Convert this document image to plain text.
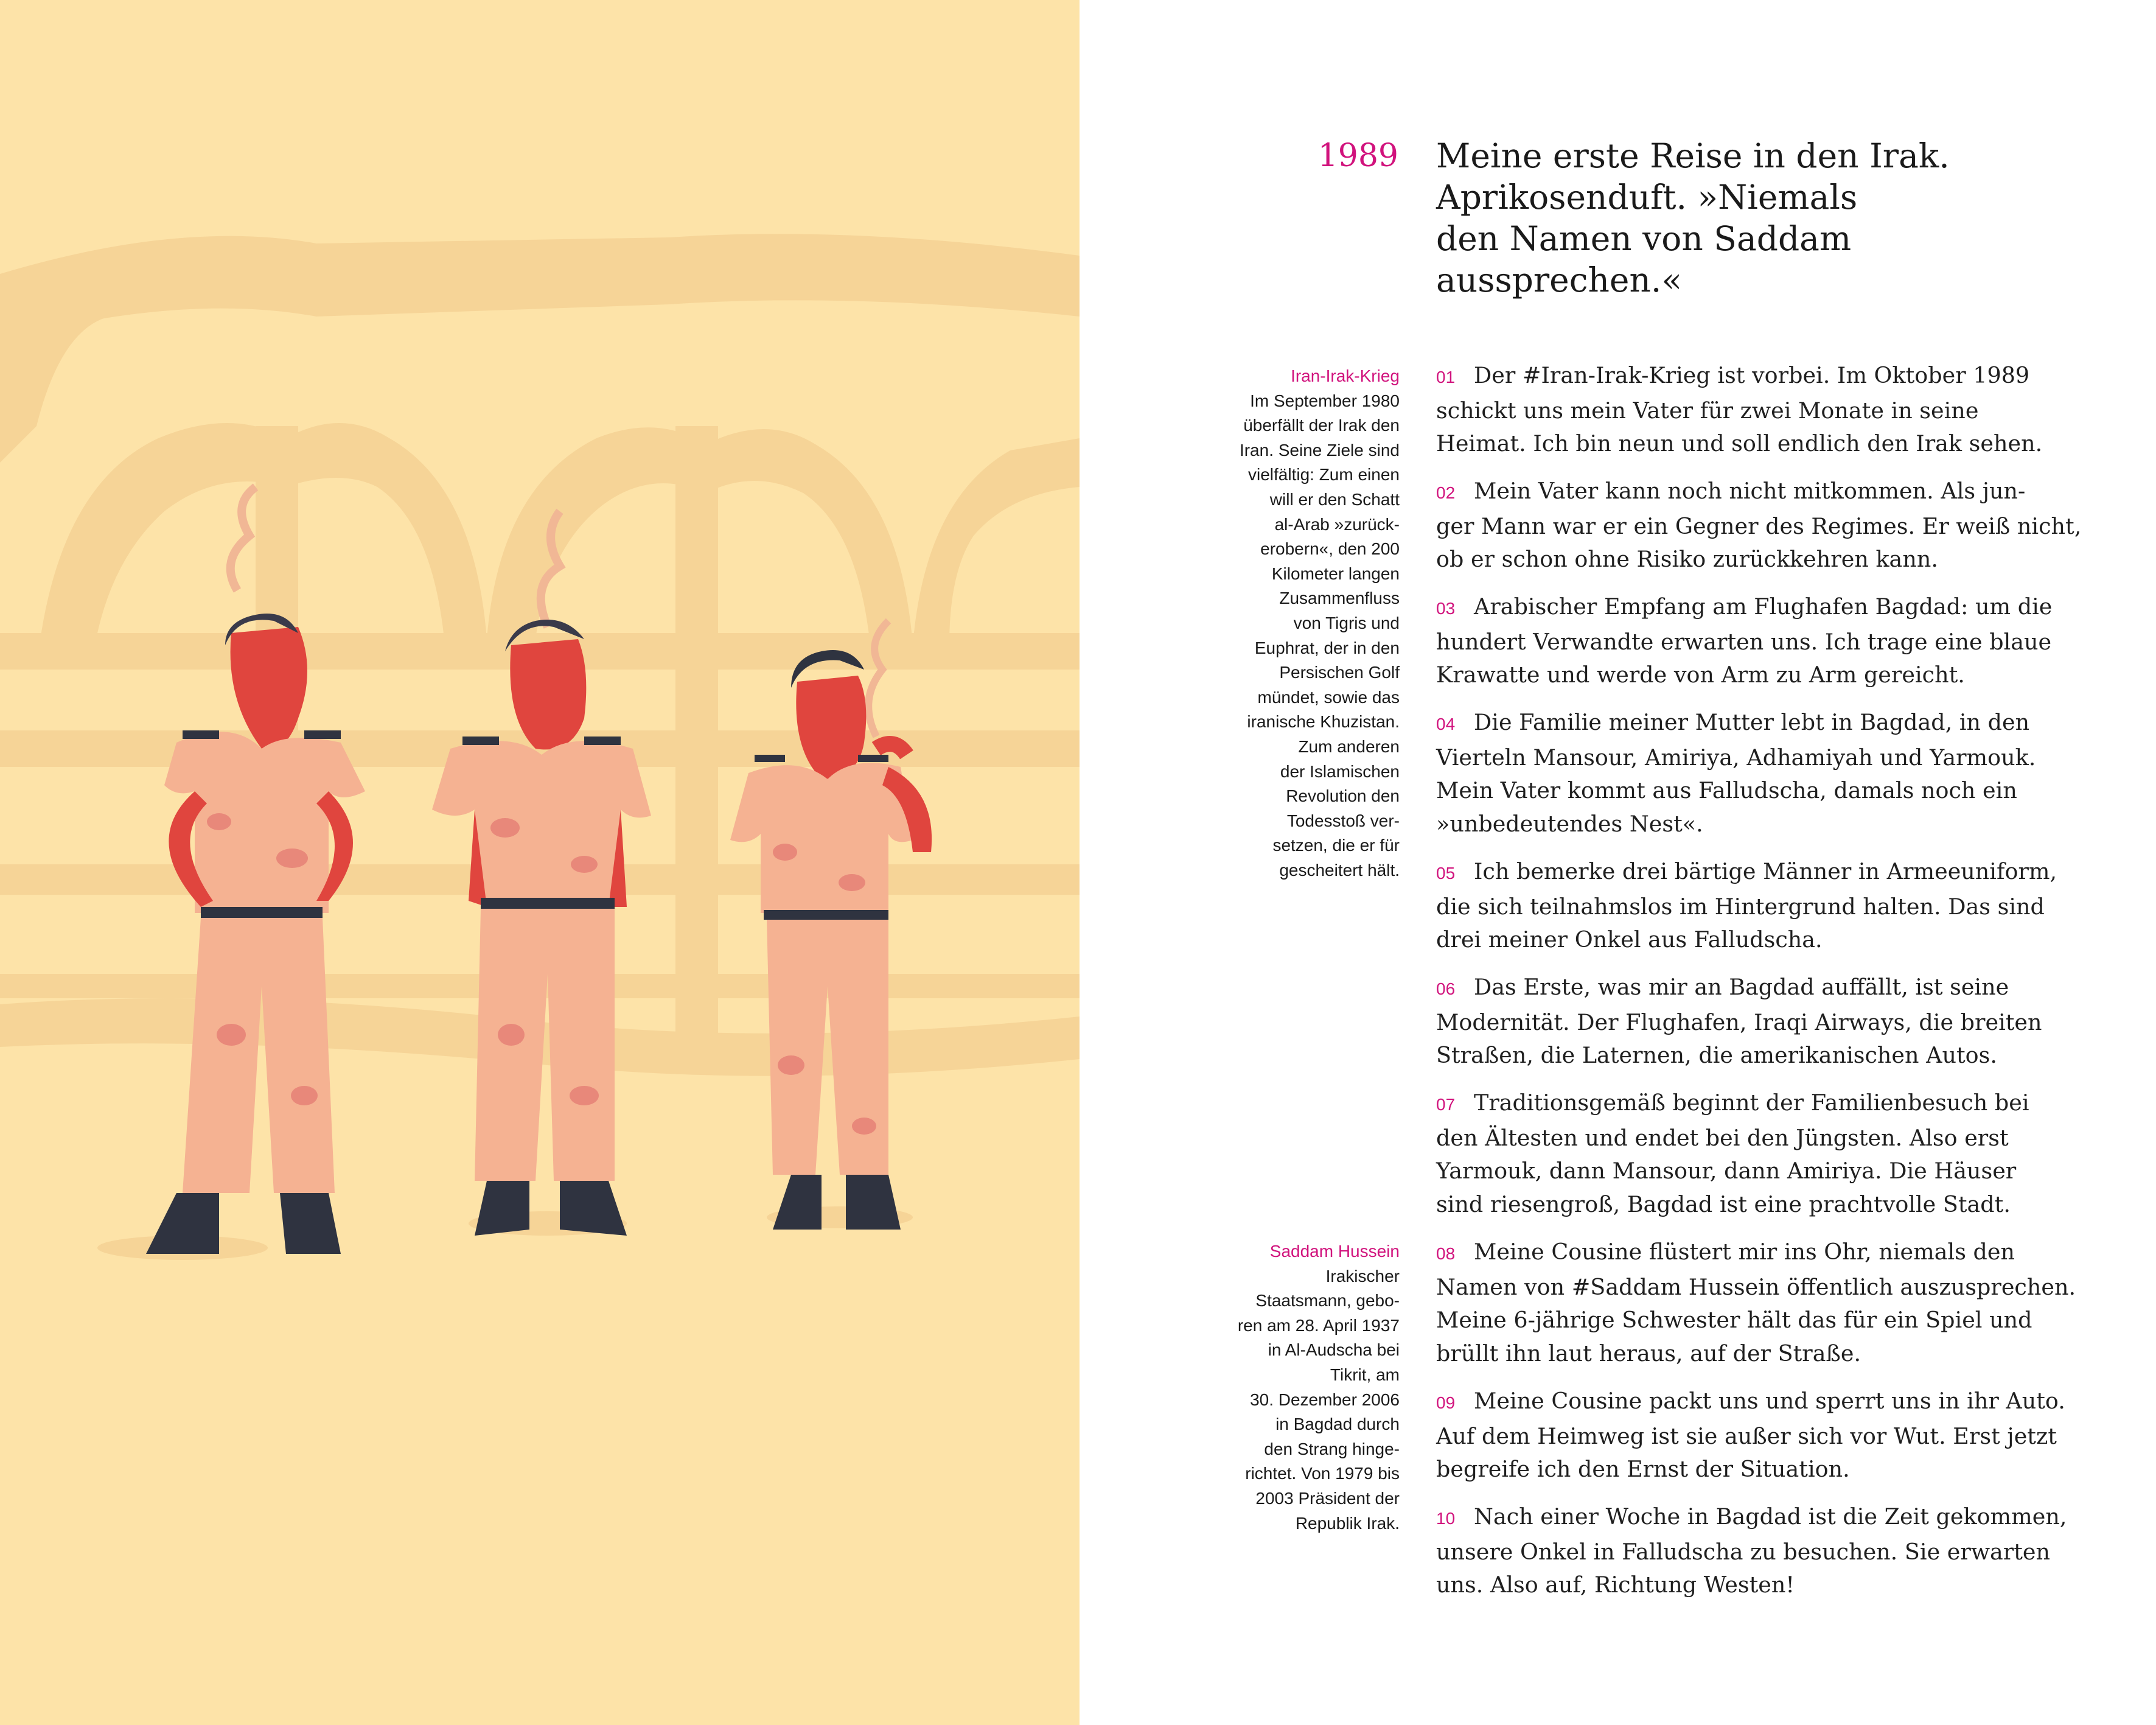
1989 Meine erste Reise in den Irak.
Aprikosenduft. »Niemals
den Namen von Saddam
aussprechen.«
Iran-Irak-Krieg
Im September 1980
überfällt der Irak den
Iran. Seine Ziele sind
vielfältig: Zum einen
will er den Schatt
al-Arab »zurück-
erobern«, den 200
Kilometer langen
Zusammenfluss
von Tigris und
Euphrat, der in den
Persischen Golf
mündet, sowie das
iranische Khuzistan.
Zum anderen
der Islamischen
Revolution den
Todesstoß ver-
setzen, die er für
gescheitert hält.
Saddam Hussein
Irakischer
Staatsmann, gebo-
ren am 28. April 1937
in Al-Audscha bei
Tikrit, am
30. Dezember 2006
in Bagdad durch
den Strang hinge-
richtet. Von 1979 bis
2003 Präsident der
Republik Irak.
01 Der #Iran-Irak-Krieg ist vorbei. Im Oktober 1989
schickt uns mein Vater für zwei Monate in seine
Heimat. Ich bin neun und soll endlich den Irak sehen.
02 Mein Vater kann noch nicht mitkommen. Als jun-
ger Mann war er ein Gegner des Regimes. Er weiß nicht,
ob er schon ohne Risiko zurückkehren kann.
03 Arabischer Empfang am Flughafen Bagdad: um die
hundert Verwandte erwarten uns. Ich trage eine blaue
Krawatte und werde von Arm zu Arm gereicht.
04 Die Familie meiner Mutter lebt in Bagdad, in den
Vierteln Mansour, Amiriya, Adhamiyah und Yarmouk.
Mein Vater kommt aus Falludscha, damals noch ein
»unbedeutendes Nest«.
05 Ich bemerke drei bärtige Männer in Armeeuniform,
die sich teilnahmslos im Hintergrund halten. Das sind
drei meiner Onkel aus Falludscha.
06 Das Erste, was mir an Bagdad auffällt, ist seine
Modernität. Der Flughafen, Iraqi Airways, die breiten
Straßen, die Laternen, die amerikanischen Autos.
07 Traditionsgemäß beginnt der Familienbesuch bei
den Ältesten und endet bei den Jüngsten. Also erst
Yarmouk, dann Mansour, dann Amiriya. Die Häuser
sind riesengroß, Bagdad ist eine prachtvolle Stadt.
08 Meine Cousine flüstert mir ins Ohr, niemals den
Namen von #Saddam Hussein öffentlich auszusprechen.
Meine 6-jährige Schwester hält das für ein Spiel und
brüllt ihn laut heraus, auf der Straße.
09 Meine Cousine packt uns und sperrt uns in ihr Auto.
Auf dem Heimweg ist sie außer sich vor Wut. Erst jetzt
begreife ich den Ernst der Situation.
10 Nach einer Woche in Bagdad ist die Zeit gekommen,
unsere Onkel in Falludscha zu besuchen. Sie erwarten
uns. Also auf, Richtung Westen!
